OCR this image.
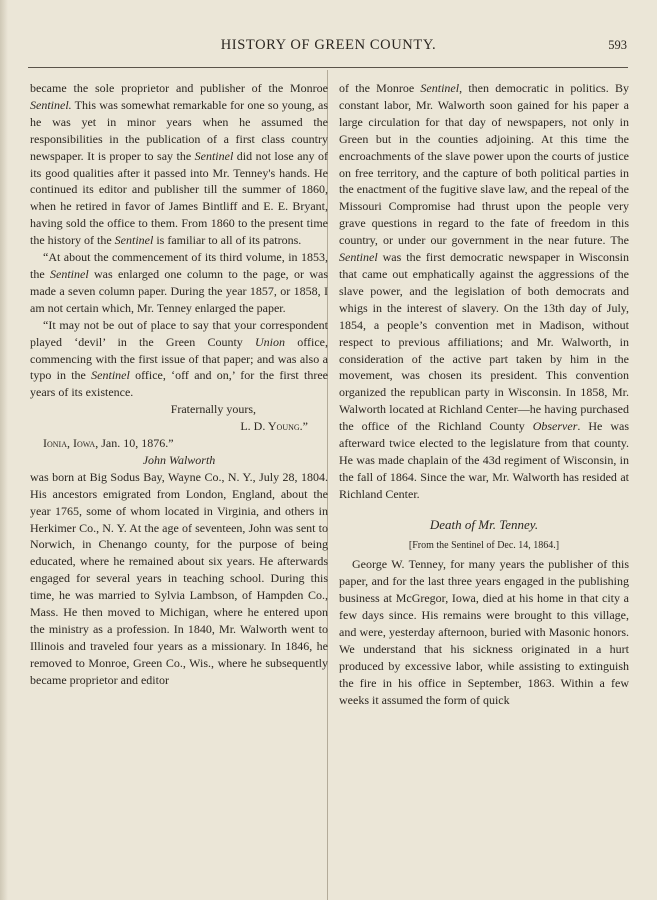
HISTORY OF GREEN COUNTY.	593

became the sole proprietor and publisher of the Monroe Sentinel. This was somewhat remarkable for one so young, as he was yet in minor years when he assumed the responsibilities in the publication of a first class country newspaper. It is proper to say the Sentinel did not lose any of its good qualities after it passed into Mr. Tenney's hands. He continued its editor and publisher till the summer of 1860, when he retired in favor of James Bintliff and E. E. Bryant, having sold the office to them. From 1860 to the present time the history of the Sentinel is familiar to all of its patrons.

“At about the commencement of its third volume, in 1853, the Sentinel was enlarged one column to the page, or was made a seven column paper. During the year 1857, or 1858, I am not certain which, Mr. Tenney enlarged the paper.

“It may not be out of place to say that your correspondent played ‘devil’ in the Green County Union office, commencing with the first issue of that paper; and was also a typo in the Sentinel office, ‘off and on,’ for the first three years of its existence.

Fraternally yours,

L. D. Young.”

Ionia, Iowa, Jan. 10, 1876.”

John Walworth

was born at Big Sodus Bay, Wayne Co., N. Y., July 28, 1804. His ancestors emigrated from London, England, about the year 1765, some of whom located in Virginia, and others in Herkimer Co., N. Y. At the age of seventeen, John was sent to Norwich, in Chenango county, for the purpose of being educated, where he remained about six years. He afterwards engaged for several years in teaching school. During this time, he was married to Sylvia Lambson, of Hampden Co., Mass. He then moved to Michigan, where he entered upon the ministry as a profession. In 1840, Mr. Walworth went to Illinois and traveled four years as a missionary. In 1846, he removed to Monroe, Green Co., Wis., where he subsequently became proprietor and editor

of the Monroe Sentinel, then democratic in politics. By constant labor, Mr. Walworth soon gained for his paper a large circulation for that day of newspapers, not only in Green but in the counties adjoining. At this time the encroachments of the slave power upon the courts of justice on free territory, and the capture of both political parties in the enactment of the fugitive slave law, and the repeal of the Missouri Compromise had thrust upon the people very grave questions in regard to the fate of freedom in this country, or under our government in the near future. The Sentinel was the first democratic newspaper in Wisconsin that came out emphatically against the aggressions of the slave power, and the legislation of both democrats and whigs in the interest of slavery. On the 13th day of July, 1854, a people’s convention met in Madison, without respect to previous affiliations; and Mr. Walworth, in consideration of the active part taken by him in the movement, was chosen its president. This convention organized the republican party in Wisconsin. In 1858, Mr. Walworth located at Richland Center—he having purchased the office of the Richland County Observer. He was afterward twice elected to the legislature from that county. He was made chaplain of the 43d regiment of Wisconsin, in the fall of 1864. Since the war, Mr. Walworth has resided at Richland Center.

Death of Mr. Tenney.

[From the Sentinel of Dec. 14, 1864.]

George W. Tenney, for many years the publisher of this paper, and for the last three years engaged in the publishing business at McGregor, Iowa, died at his home in that city a few days since. His remains were brought to this village, and were, yesterday afternoon, buried with Masonic honors. We understand that his sickness originated in a hurt produced by excessive labor, while assisting to extinguish the fire in his office in September, 1863. Within a few weeks it assumed the form of quick
